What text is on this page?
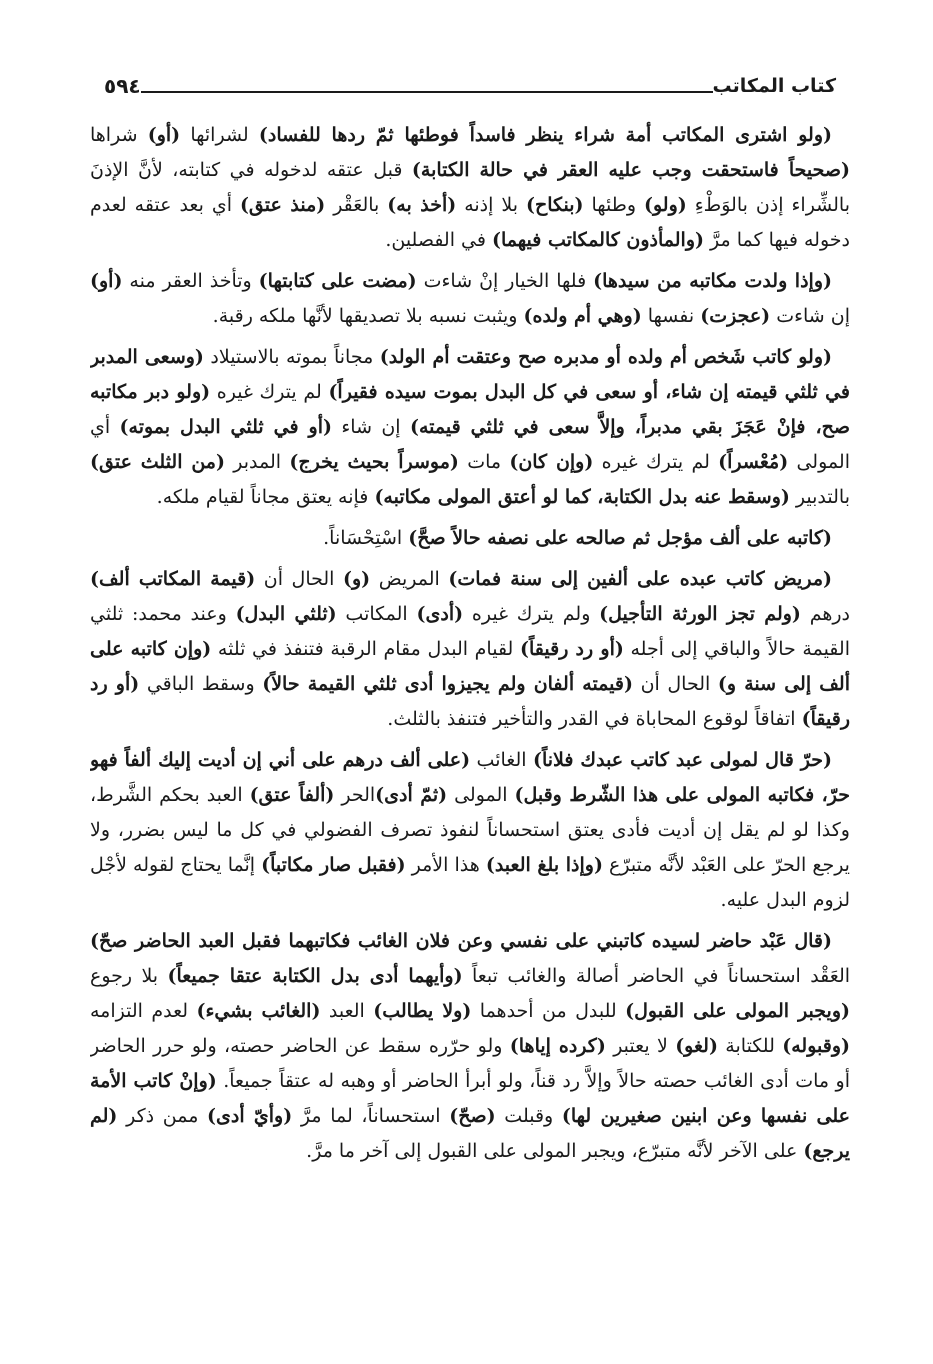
كتاب المكاتب
٥٩٤

(ولو اشترى المكاتب أمة شراء ينظر فاسداً فوطئها ثمّ ردها للفساد) لشرائها (أو) شراها (صحيحاً فاستحقت وجب عليه العقر في حالة الكتابة) قبل عتقه لدخوله في كتابته، لأنَّ الإذنَ بالشِّراء إذن بالوَطْءِ (ولو) وطئها (بنكاح) بلا إذنه (أخذ به) بالعَقْر (منذ عتق) أي بعد عتقه لعدم دخوله فيها كما مرَّ (والمأذون كالمكاتب فيهما) في الفصلين.

(وإذا ولدت مكاتبه من سيدها) فلها الخيار إنْ شاءت (مضت على كتابتها) وتأخذ العقر منه (أو) إن شاءت (عجزت) نفسها (وهي أم ولده) ويثبت نسبه بلا تصديقها لأنَّها ملكه رقبة.

(ولو كاتب شَخص أم ولده أو مدبره صح وعتقت أم الولد) مجاناً بموته بالاستيلاد (وسعى المدبر في ثلثي قيمته إن شاء، أو سعى في كل البدل بموت سيده فقيراً) لم يترك غيره (ولو دبر مكاتبه صح، فإنْ عَجَزَ بقي مدبراً، وإلاَّ سعى في ثلثي قيمته) إن شاء (أو في ثلثي البدل بموته) أي المولى (مُعْسراً) لم يترك غيره (وإن كان) مات (موسراً بحيث يخرج) المدبر (من الثلث عتق) بالتدبير (وسقط عنه بدل الكتابة، كما لو أعتق المولى مكاتبه) فإنه يعتق مجاناً لقيام ملكه.

(كاتبه على ألف مؤجل ثم صالحه على نصفه حالاً صحَّ) اسْتِحْسَاناً.

(مريض كاتب عبده على ألفين إلى سنة فمات) المريض (و) الحال أن (قيمة المكاتب ألف) درهم (ولم تجز الورثة التأجيل) ولم يترك غيره (أدى) المكاتب (ثلثي البدل) وعند محمد: ثلثي القيمة حالاً والباقي إلى أجله (أو رد رقيقاً) لقيام البدل مقام الرقبة فتنفذ في ثلثه (وإن كاتبه على ألف إلى سنة و) الحال أن (قيمته ألفان ولم يجيزوا أدى ثلثي القيمة حالاً) وسقط الباقي (أو رد رقيقاً) اتفاقاً لوقوع المحاباة في القدر والتأخير فتنفذ بالثلث.

(حرّ قال لمولى عبد كاتب عبدك فلاناً) الغائب (على ألف درهم على أني إن أديت إليك ألفاً فهو حرّ، فكاتبه المولى على هذا الشّرط وقبل) المولى (ثمّ أدى)الحر (ألفاً عتق) العبد بحكم الشَّرط، وكذا لو لم يقل إن أديت فأدى يعتق استحساناً لنفوذ تصرف الفضولي في كل ما ليس بضرر، ولا يرجع الحرّ على العَبْد لأنَّه متبرّع (وإذا بلغ العبد) هذا الأمر (فقبل صار مكاتباً) إنَّما يحتاج لقوله لأجْل لزوم البدل عليه.

(قال عَبْد حاضر لسيده كاتبني على نفسي وعن فلان الغائب فكاتبهما فقبل العبد الحاضر صحّ) العَقْد استحساناً في الحاضر أصالة والغائب تبعاً (وأيهما أدى بدل الكتابة عتقا جميعاً) بلا رجوع (ويجبر المولى على القبول) للبدل من أحدهما (ولا يطالب) العبد (الغائب بشيء) لعدم التزامه (وقبوله) للكتابة (لغو) لا يعتبر (كرده إياها) ولو حرّره سقط عن الحاضر حصته، ولو حرر الحاضر أو مات أدى الغائب حصته حالاً وإلاَّ رد قناً، ولو أبرأ الحاضر أو وهبه له عتقاً جميعاً. (وإنْ كاتب الأمة على نفسها وعن ابنين صغيرين لها) وقبلت (صحّ) استحساناً، لما مرَّ (وأيّ أدى) ممن ذكر (لم يرجع) على الآخر لأنَّه متبرّع، ويجبر المولى على القبول إلى آخر ما مرَّ.
